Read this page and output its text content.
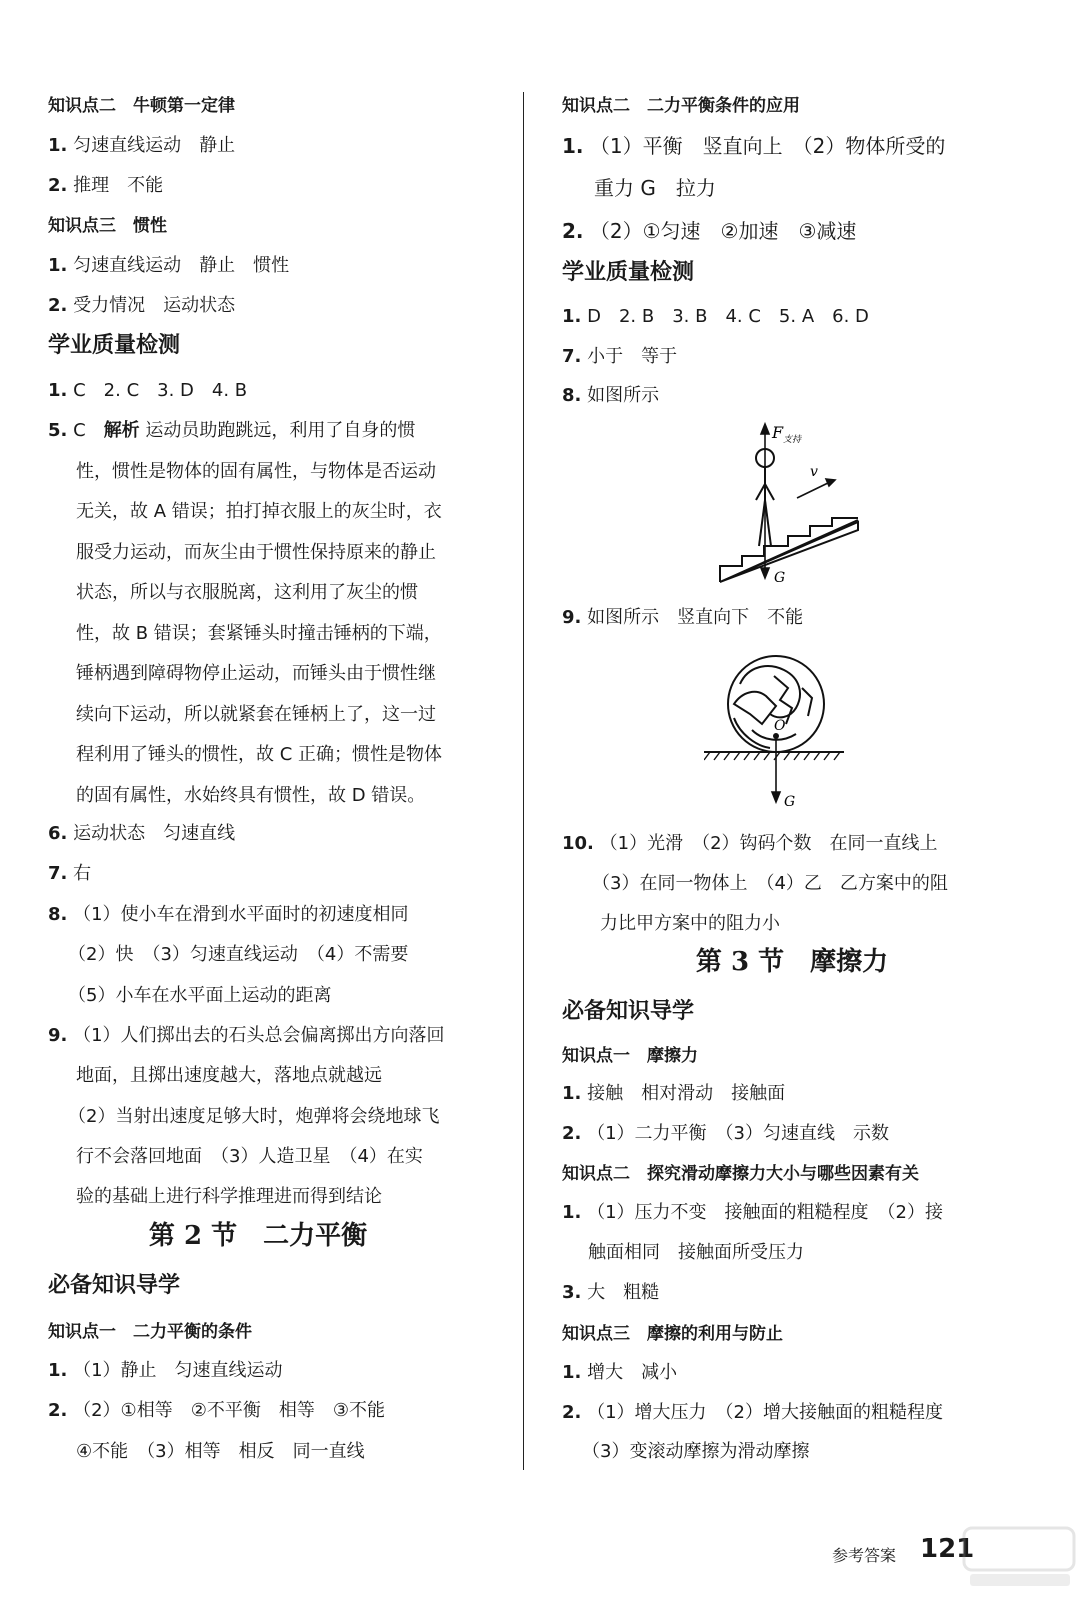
知识点二　牛顿第一定律
1. 匀速直线运动　静止
2. 推理　不能
知识点三　惯性
1. 匀速直线运动　静止　惯性
2. 受力情况　运动状态
学业质量检测
1. C　2. C　3. D　4. B
5. C　 解析 运动员助跑跳远，利用了自身的惯
性，惯性是物体的固有属性，与物体是否运动
无关，故 A 错误；拍打掉衣服上的灰尘时，衣
服受力运动，而灰尘由于惯性保持原来的静止
状态，所以与衣服脱离，这利用了灰尘的惯
性，故 B 错误；套紧锤头时撞击锤柄的下端，
锤柄遇到障碍物停止运动，而锤头由于惯性继
续向下运动，所以就紧套在锤柄上了，这一过
程利用了锤头的惯性，故 C 正确；惯性是物体
的固有属性，水始终具有惯性，故 D 错误。
6. 运动状态　匀速直线
7. 右
8. （1）使小车在滑到水平面时的初速度相同
（2）快　（3）匀速直线运动　（4）不需要
（5）小车在水平面上运动的距离
9. （1）人们掷出去的石头总会偏离掷出方向落回
地面，且掷出速度越大，落地点就越远
（2）当射出速度足够大时，炮弹将会绕地球飞
行不会落回地面　（3）人造卫星　（4）在实
验的基础上进行科学推理进而得到结论
第 2 节　二力平衡
必备知识导学
知识点一　二力平衡的条件
1. （1）静止　匀速直线运动
2. （2）①相等　②不平衡　相等　③不能
④不能　（3）相等　相反　同一直线
知识点二　二力平衡条件的应用
1. （1）平衡　竖直向上　（2）物体所受的
重力 G　拉力
2. （2）①匀速　②加速　③减速
学业质量检测
1. D　2. B　3. B　4. C　5. A　6. D
7. 小于　等于
8. 如图所示
F 支持
v
G
9. 如图所示　竖直向下　不能
O
G
10. （1）光滑　（2）钩码个数　在同一直线上
（3）在同一物体上　（4）乙　乙方案中的阻
力比甲方案中的阻力小
第 3 节　摩擦力
必备知识导学
知识点一　摩擦力
1. 接触　相对滑动　接触面
2. （1）二力平衡　（3）匀速直线　示数
知识点二　探究滑动摩擦力大小与哪些因素有关
1. （1）压力不变　接触面的粗糙程度　（2）接
触面相同　接触面所受压力
3. 大　粗糙
知识点三　摩擦的利用与防止
1. 增大　减小
2. （1）增大压力　（2）增大接触面的粗糙程度
（3）变滚动摩擦为滑动摩擦
参考答案 121
